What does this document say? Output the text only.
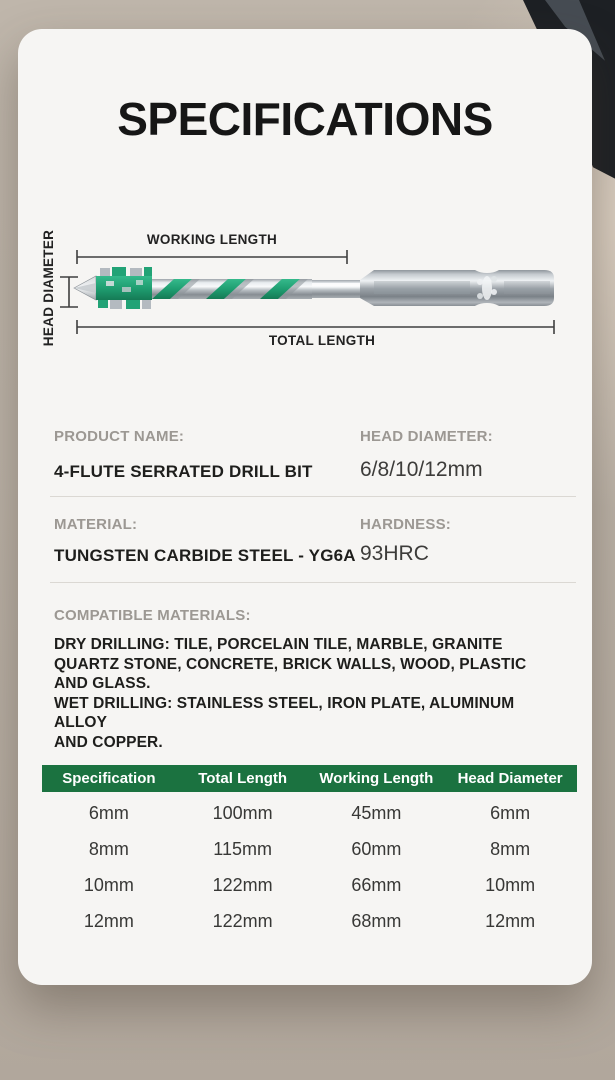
SPECIFICATIONS
WORKING LENGTH
TOTAL LENGTH
HEAD DIAMETER
PRODUCT NAME:	HEAD DIAMETER:
4-FLUTE SERRATED DRILL BIT 6/8/10/12mm
MATERIAL:	HARDNESS:
TUNGSTEN CARBIDE STEEL - YG6A 93HRC
COMPATIBLE MATERIALS:
DRY DRILLING: TILE, PORCELAIN TILE, MARBLE, GRANITE
QUARTZ STONE, CONCRETE, BRICK WALLS, WOOD, PLASTIC
AND GLASS.
WET DRILLING: STAINLESS STEEL, IRON PLATE, ALUMINUM ALLOY
AND COPPER.
Specification	Total Length	Working Length	Head Diameter
6mm	100mm	45mm	6mm
8mm	115mm	60mm	8mm
10mm	122mm	66mm	10mm
12mm	122mm	68mm	12mm
